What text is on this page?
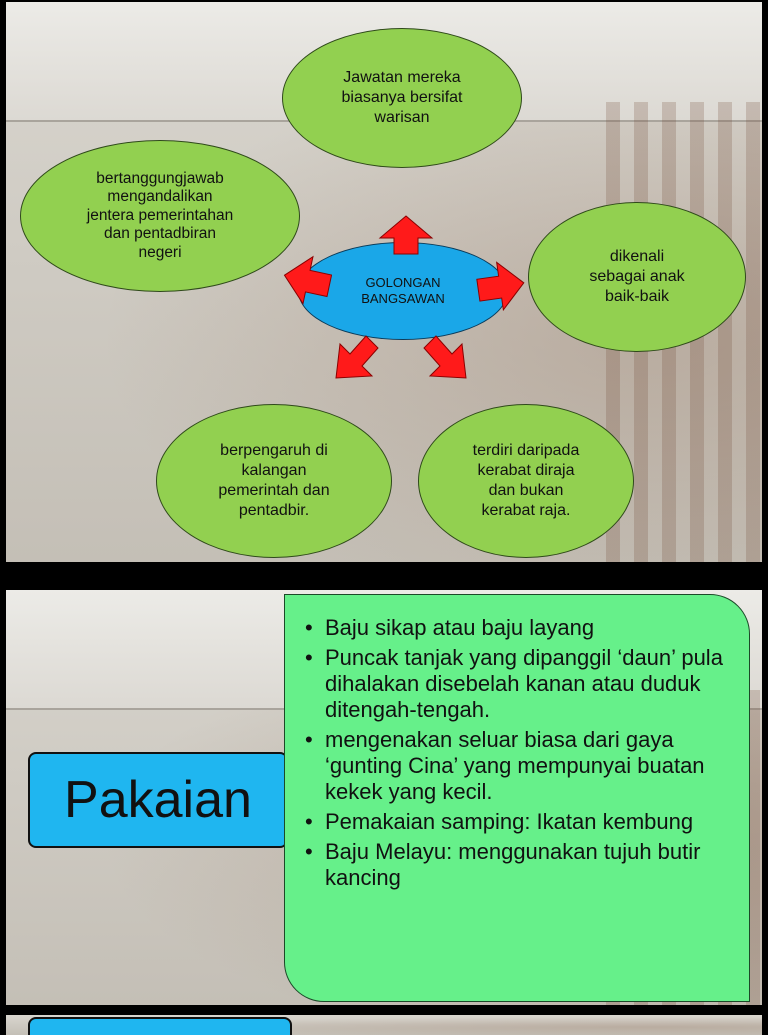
Jawatan mereka
biasanya bersifat
warisan
bertanggungjawab
mengandalikan
jentera pemerintahan
dan pentadbiran
negeri	dikenali
sebagai anak
baik-baik
berpengaruh di
kalangan
pemerintah dan
pentadbir.
terdiri daripada
kerabat diraja
dan bukan
kerabat raja.
GOLONGAN
BANGSAWAN
Pakaian
• Baju sikap atau baju layang
• Puncak tanjak yang dipanggil ‘daun’ pula dihalakan disebelah kanan atau duduk ditengah-tengah.
• mengenakan seluar biasa dari gaya ‘gunting Cina’ yang mempunyai buatan kekek yang kecil.
• Pemakaian samping: Ikatan kembung
• Baju Melayu: menggunakan tujuh butir kancing
